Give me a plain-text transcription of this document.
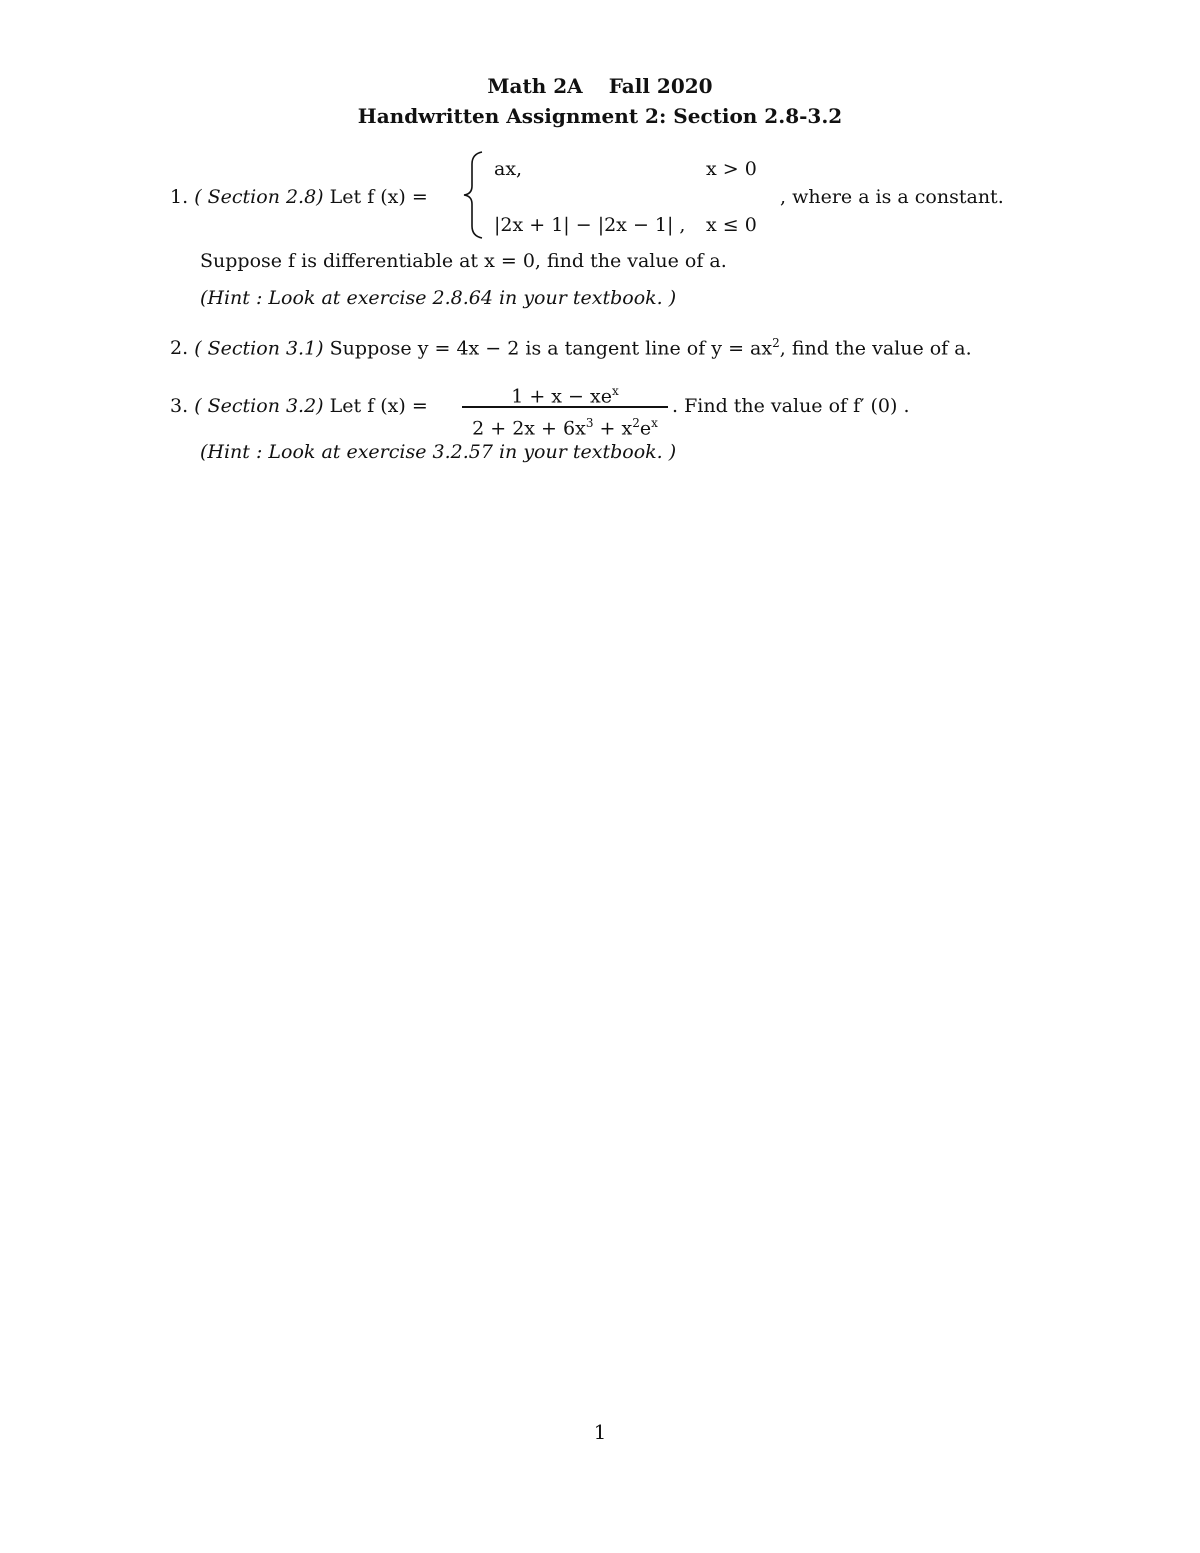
Math 2A Fall 2020
Handwritten Assignment 2: Section 2.8-3.2
1. ( Section 2.8) Let f (x) =
ax,	x > 0
|2x + 1| − |2x − 1| , x ≤ 0
, where a is a constant.
Suppose f is differentiable at x = 0, find the value of a.
(Hint : Look at exercise 2.8.64 in your textbook. )
2. ( Section 3.1) Suppose y = 4x − 2 is a tangent line of $y = ax^2$, find the value of a.
3. ( Section 3.2) Let f (x) =	$1 + x - xe^x$
$2 + 2x + 6x^3 + x^2e^x$
. Find the value of f′ (0) .
(Hint : Look at exercise 3.2.57 in your textbook. )
1
